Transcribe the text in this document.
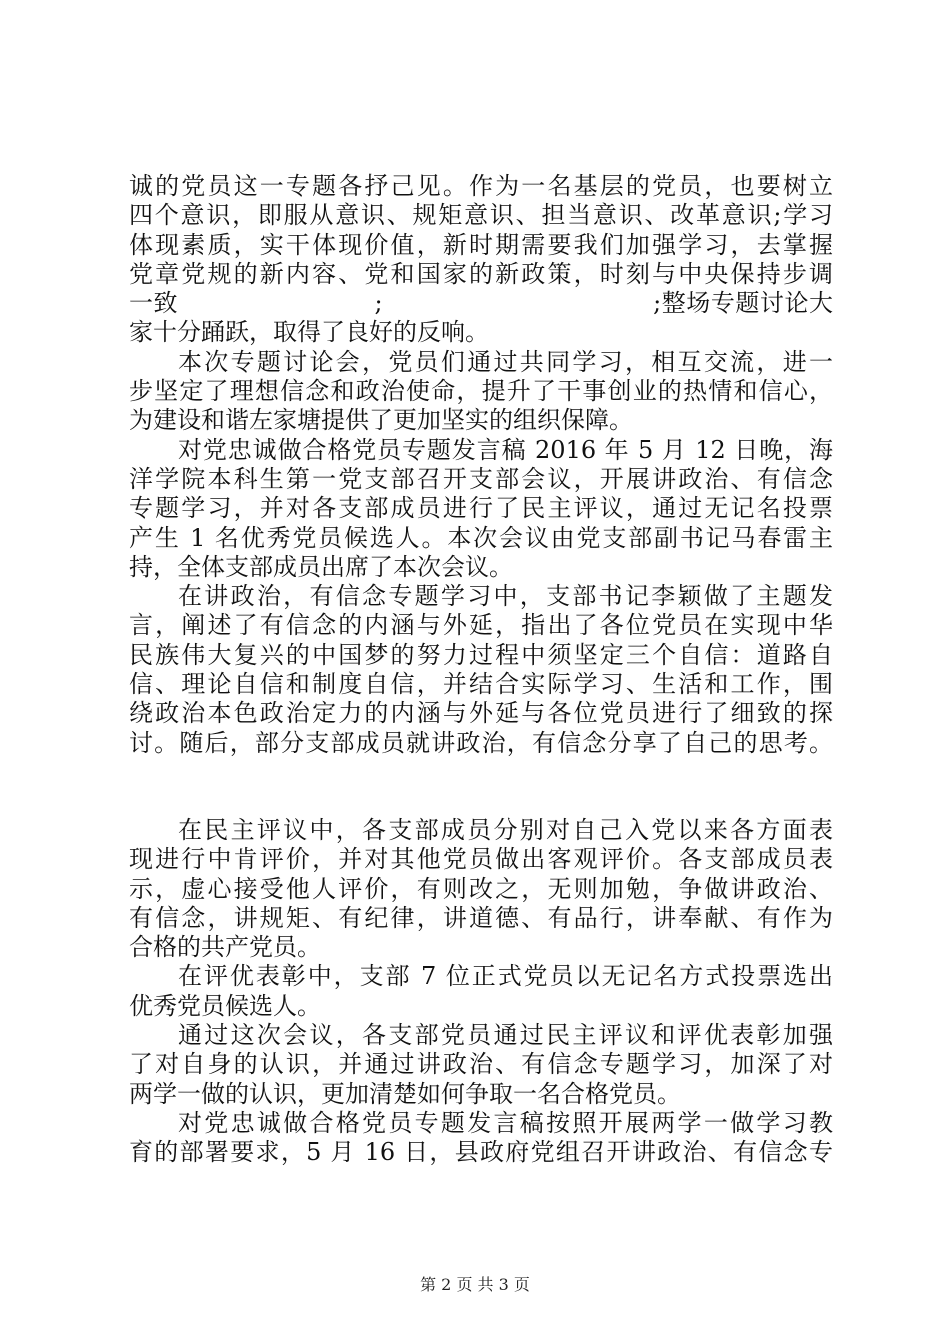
诚的党员这一专题各抒己见。作为一名基层的党员，也要树立
四个意识，即服从意识、规矩意识、担当意识、改革意识;学习
体现素质，实干体现价值，新时期需要我们加强学习，去掌握
党章党规的新内容、党和国家的新政策，时刻与中央保持步调
一致　　　　　　　　;　　　　　　　　　　　;整场专题讨论大
家十分踊跃，取得了良好的反响。
本次专题讨论会，党员们通过共同学习，相互交流，进一
步坚定了理想信念和政治使命，提升了干事创业的热情和信心，
为建设和谐左家塘提供了更加坚实的组织保障。
对党忠诚做合格党员专题发言稿 2016 年 5 月 12 日晚，海
洋学院本科生第一党支部召开支部会议，开展讲政治、有信念
专题学习，并对各支部成员进行了民主评议，通过无记名投票
产生 1 名优秀党员候选人。本次会议由党支部副书记马春雷主
持，全体支部成员出席了本次会议。
在讲政治，有信念专题学习中，支部书记李颖做了主题发
言，阐述了有信念的内涵与外延，指出了各位党员在实现中华
民族伟大复兴的中国梦的努力过程中须坚定三个自信：道路自
信、理论自信和制度自信，并结合实际学习、生活和工作，围
绕政治本色政治定力的内涵与外延与各位党员进行了细致的探
讨。随后，部分支部成员就讲政治，有信念分享了自己的思考。
在民主评议中，各支部成员分别对自己入党以来各方面表
现进行中肯评价，并对其他党员做出客观评价。各支部成员表
示，虚心接受他人评价，有则改之，无则加勉，争做讲政治、
有信念，讲规矩、有纪律，讲道德、有品行，讲奉献、有作为
合格的共产党员。
在评优表彰中，支部 7 位正式党员以无记名方式投票选出
优秀党员候选人。
通过这次会议，各支部党员通过民主评议和评优表彰加强
了对自身的认识，并通过讲政治、有信念专题学习，加深了对
两学一做的认识，更加清楚如何争取一名合格党员。
对党忠诚做合格党员专题发言稿按照开展两学一做学习教
育的部署要求，5 月 16 日，县政府党组召开讲政治、有信念专
第 2 页 共 3 页
